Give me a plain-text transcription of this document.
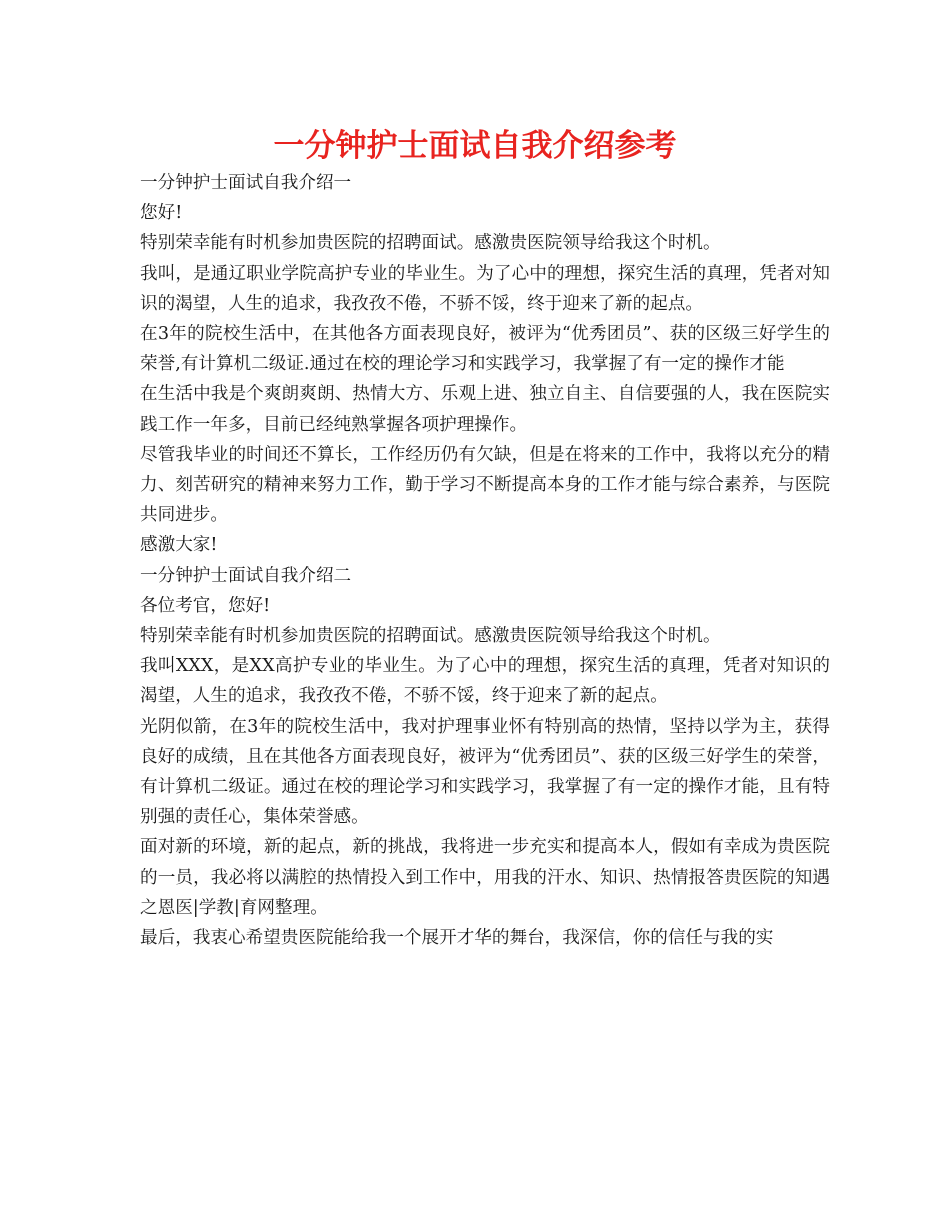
一分钟护士面试自我介绍参考

一分钟护士面试自我介绍一

您好!

特别荣幸能有时机参加贵医院的招聘面试。感激贵医院领导给我这个时机。

我叫，是通辽职业学院高护专业的毕业生。为了心中的理想，探究生活的真理，凭者对知识的渴望，人生的追求，我孜孜不倦，不骄不馁，终于迎来了新的起点。

在3年的院校生活中，在其他各方面表现良好，被评为“优秀团员”、获的区级三好学生的荣誉,有计算机二级证.通过在校的理论学习和实践学习，我掌握了有一定的操作才能

在生活中我是个爽朗爽朗、热情大方、乐观上进、独立自主、自信要强的人，我在医院实践工作一年多，目前已经纯熟掌握各项护理操作。

尽管我毕业的时间还不算长，工作经历仍有欠缺，但是在将来的工作中，我将以充分的精力、刻苦研究的精神来努力工作，勤于学习不断提高本身的工作才能与综合素养，与医院共同进步。

感激大家!

一分钟护士面试自我介绍二

各位考官，您好!

特别荣幸能有时机参加贵医院的招聘面试。感激贵医院领导给我这个时机。

我叫XXX，是XX高护专业的毕业生。为了心中的理想，探究生活的真理，凭者对知识的渴望，人生的追求，我孜孜不倦，不骄不馁，终于迎来了新的起点。

光阴似箭，在3年的院校生活中，我对护理事业怀有特别高的热情，坚持以学为主，获得良好的成绩，且在其他各方面表现良好，被评为“优秀团员”、获的区级三好学生的荣誉，有计算机二级证。通过在校的理论学习和实践学习，我掌握了有一定的操作才能，且有特别强的责任心，集体荣誉感。

面对新的环境，新的起点，新的挑战，我将进一步充实和提高本人，假如有幸成为贵医院的一员，我必将以满腔的热情投入到工作中，用我的汗水、知识、热情报答贵医院的知遇之恩医|学教|育网整理。

最后，我衷心希望贵医院能给我一个展开才华的舞台，我深信，你的信任与我的实
